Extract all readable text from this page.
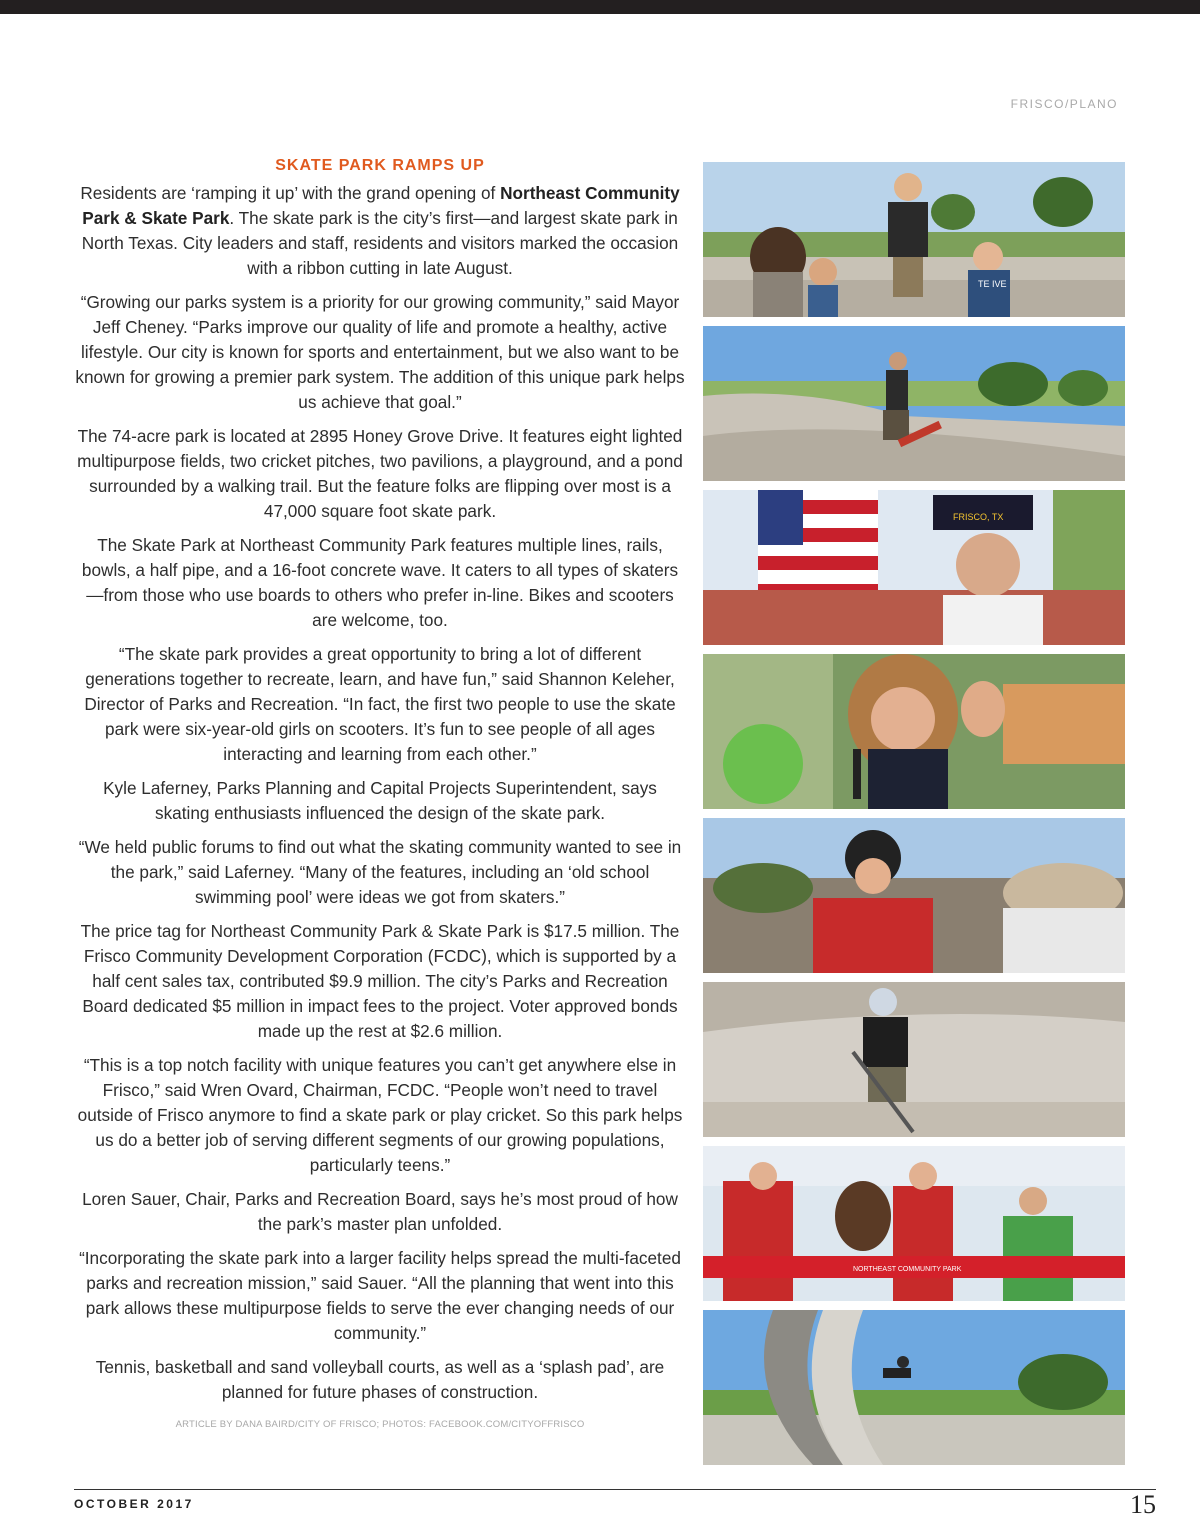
FRISCO/PLANO
SKATE PARK RAMPS UP

Residents are ‘ramping it up’ with the grand opening of Northeast Community Park & Skate Park. The skate park is the city’s first—and largest skate park in North Texas. City leaders and staff, residents and visitors marked the occasion with a ribbon cutting in late August.

“Growing our parks system is a priority for our growing community,” said Mayor Jeff Cheney. “Parks improve our quality of life and promote a healthy, active lifestyle. Our city is known for sports and entertainment, but we also want to be known for growing a premier park system. The addition of this unique park helps us achieve that goal.”

The 74-acre park is located at 2895 Honey Grove Drive. It features eight lighted multipurpose fields, two cricket pitches, two pavilions, a playground, and a pond surrounded by a walking trail. But the feature folks are flipping over most is a 47,000 square foot skate park.

The Skate Park at Northeast Community Park features multiple lines, rails, bowls, a half pipe, and a 16-foot concrete wave. It caters to all types of skaters—from those who use boards to others who prefer in-line. Bikes and scooters are welcome, too.

“The skate park provides a great opportunity to bring a lot of different generations together to recreate, learn, and have fun,” said Shannon Keleher, Director of Parks and Recreation. “In fact, the first two people to use the skate park were six-year-old girls on scooters. It’s fun to see people of all ages interacting and learning from each other.”

Kyle Laferney, Parks Planning and Capital Projects Superintendent, says skating enthusiasts influenced the design of the skate park.

“We held public forums to find out what the skating community wanted to see in the park,” said Laferney. “Many of the features, including an ‘old school swimming pool’ were ideas we got from skaters.”

The price tag for Northeast Community Park & Skate Park is $17.5 million. The Frisco Community Development Corporation (FCDC), which is supported by a half cent sales tax, contributed $9.9 million. The city’s Parks and Recreation Board dedicated $5 million in impact fees to the project. Voter approved bonds made up the rest at $2.6 million.

“This is a top notch facility with unique features you can’t get anywhere else in Frisco,” said Wren Ovard, Chairman, FCDC. “People won’t need to travel outside of Frisco anymore to find a skate park or play cricket. So this park helps us do a better job of serving different segments of our growing populations, particularly teens.”

Loren Sauer, Chair, Parks and Recreation Board, says he’s most proud of how the park’s master plan unfolded.

“Incorporating the skate park into a larger facility helps spread the multi-faceted parks and recreation mission,” said Sauer. “All the planning that went into this park allows these multipurpose fields to serve the ever changing needs of our community.”

Tennis, basketball and sand volleyball courts, as well as a ‘splash pad’, are planned for future phases of construction.

ARTICLE BY DANA BAIRD/CITY OF FRISCO; PHOTOS: FACEBOOK.COM/CITYOFFRISCO
TE IVE
FRISCO, TX
NORTHEAST COMMUNITY PARK
OCTOBER 2017	15
